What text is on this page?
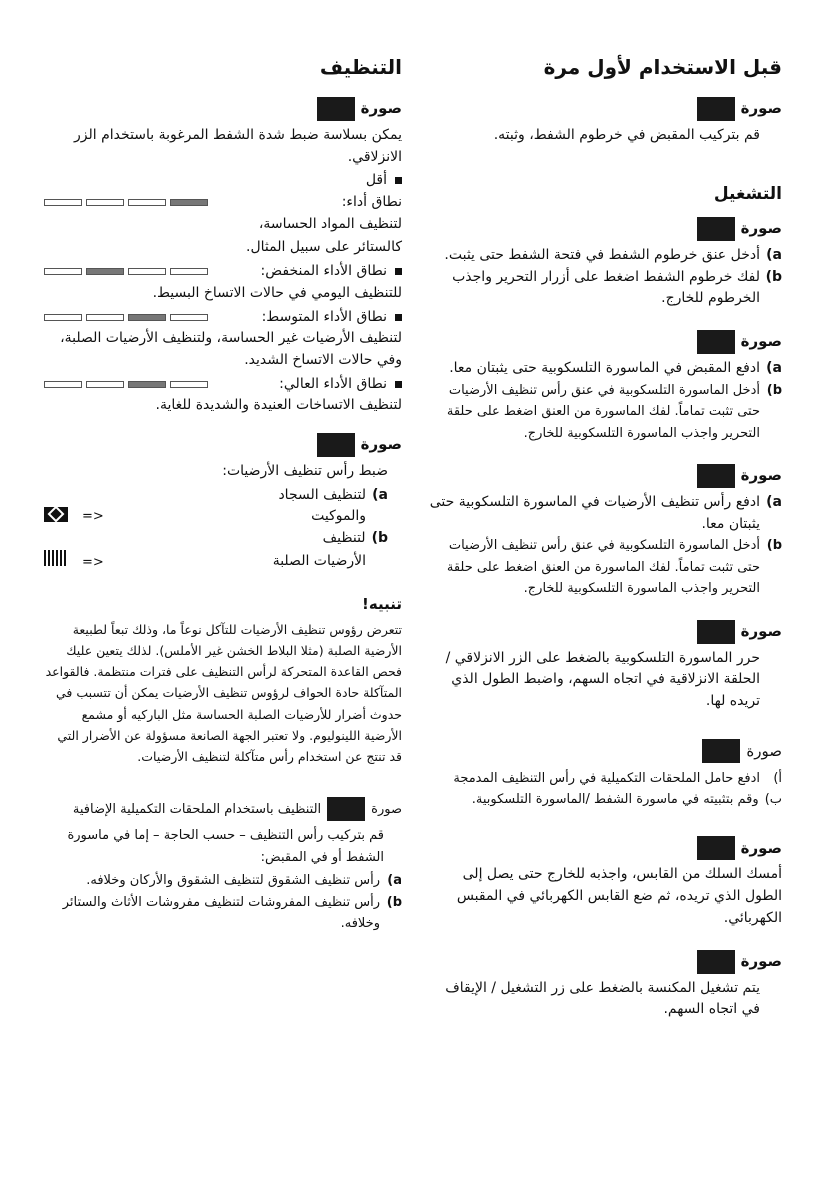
قبل الاستخدام لأول مرة
صورة

قم بتركيب المقبض في خرطوم الشفط، وثبته.

التشغيل
صورة
a)
أدخل عنق خرطوم الشفط في فتحة الشفط حتى يثبت.
b)
لفك خرطوم الشفط اضغط على أزرار التحرير واجذب الخرطوم للخارج.
صورة
a)
ادفع المقبض في الماسورة التلسكوبية حتى يثبتان معا.
b)
أدخل الماسورة التلسكوبية في عنق رأس تنظيف الأرضيات حتى تثبت تماماً. لفك الماسورة من العنق اضغط على حلقة التحرير واجذب الماسورة التلسكوبية للخارج.
صورة
a)
ادفع رأس تنظيف الأرضيات في الماسورة التلسكوبية حتى يثبتان معا.
b)
أدخل الماسورة التلسكوبية في عنق رأس تنظيف الأرضيات حتى تثبت تماماً. لفك الماسورة من العنق اضغط على حلقة التحرير واجذب الماسورة التلسكوبية للخارج.
صورة

حرر الماسورة التلسكوبية بالضغط على الزر الانزلاقي / الحلقة الانزلاقية في اتجاه السهم، واضبط الطول الذي تريده لها.

صورة
أ)
ادفع حامل الملحقات التكميلية في رأس التنظيف المدمجة
ب)
وقم بتثبيته في ماسورة الشفط /الماسورة التلسكوبية.
صورة

أمسك السلك من القابس، واجذبه للخارج حتى يصل إلى الطول الذي تريده، ثم ضع القابس الكهربائي في المقبس الكهربائي.

صورة

يتم تشغيل المكنسة بالضغط على زر التشغيل / الإيقاف في اتجاه السهم.

التنظيف
صورة

يمكن بسلاسة ضبط شدة الشفط المرغوبة باستخدام الزر الانزلاقي.

أقل
نطاق أداء:

لتنظيف المواد الحساسة،

كالستائر على سبيل المثال.

نطاق الأداء المنخفض:

للتنظيف اليومي في حالات الاتساخ البسيط.

نطاق الأداء المتوسط:

لتنظيف الأرضيات غير الحساسة، ولتنظيف الأرضيات الصلبة، وفي حالات الاتساخ الشديد.

نطاق الأداء العالي:

لتنظيف الاتساخات العنيدة والشديدة للغاية.

صورة

ضبط رأس تنظيف الأرضيات:

a)
لتنظيف السجاد
والموكيت
<=
b)
لتنظيف
الأرضيات الصلبة
<=
تنبيه!

تتعرض رؤوس تنظيف الأرضيات للتآكل نوعاً ما، وذلك تبعاً لطبيعة الأرضية الصلبة (مثلا البلاط الخشن غير الأملس). لذلك يتعين عليك فحص القاعدة المتحركة لرأس التنظيف على فترات منتظمة. فالقواعد المتآكلة حادة الحواف لرؤوس تنظيف الأرضيات يمكن أن تتسبب في حدوث أضرار للأرضيات الصلبة الحساسة مثل الباركيه أو مشمع الأرضية اللينوليوم. ولا تعتبر الجهة الصانعة مسؤولة عن الأضرار التي قد تنتج عن استخدام رأس متآكلة لتنظيف الأرضيات.

صورة
التنظيف باستخدام الملحقات التكميلية الإضافية

قم بتركيب رأس التنظيف – حسب الحاجة – إما في ماسورة الشفط أو في المقبض:

a)
رأس تنظيف الشقوق لتنظيف الشقوق والأركان وخلافه.
b)
رأس تنظيف المفروشات لتنظيف مفروشات الأثاث والستائر وخلافه.
